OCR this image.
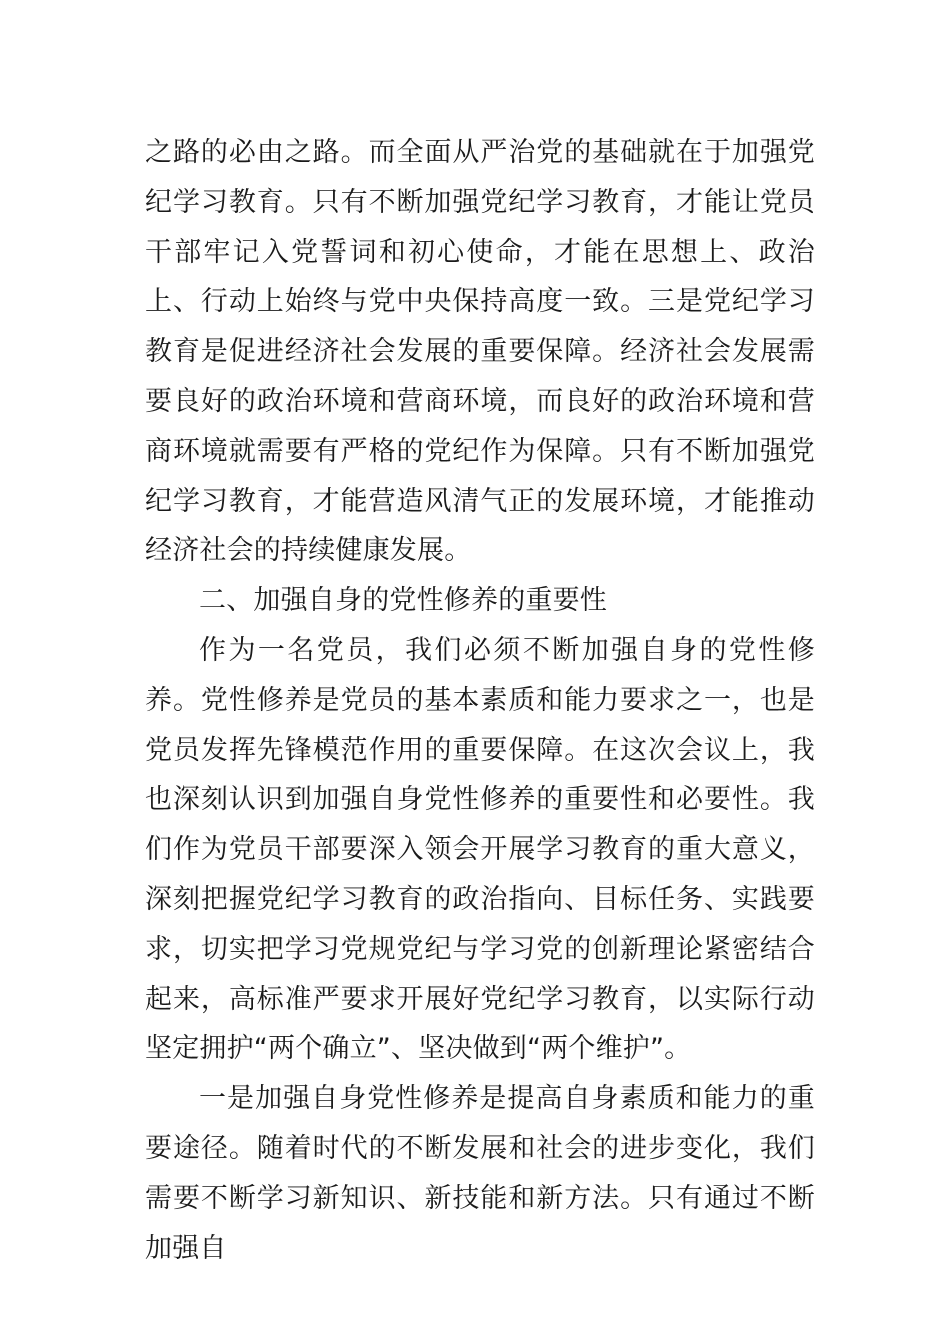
之路的必由之路。而全面从严治党的基础就在于加强党纪学习教育。只有不断加强党纪学习教育，才能让党员干部牢记入党誓词和初心使命，才能在思想上、政治上、行动上始终与党中央保持高度一致。三是党纪学习教育是促进经济社会发展的重要保障。经济社会发展需要良好的政治环境和营商环境，而良好的政治环境和营商环境就需要有严格的党纪作为保障。只有不断加强党纪学习教育，才能营造风清气正的发展环境，才能推动经济社会的持续健康发展。

二、加强自身的党性修养的重要性

作为一名党员，我们必须不断加强自身的党性修养。党性修养是党员的基本素质和能力要求之一，也是党员发挥先锋模范作用的重要保障。在这次会议上，我也深刻认识到加强自身党性修养的重要性和必要性。我们作为党员干部要深入领会开展学习教育的重大意义，深刻把握党纪学习教育的政治指向、目标任务、实践要求，切实把学习党规党纪与学习党的创新理论紧密结合起来，高标准严要求开展好党纪学习教育，以实际行动坚定拥护“两个确立”、坚决做到“两个维护”。

一是加强自身党性修养是提高自身素质和能力的重要途径。随着时代的不断发展和社会的进步变化，我们需要不断学习新知识、新技能和新方法。只有通过不断加强自
